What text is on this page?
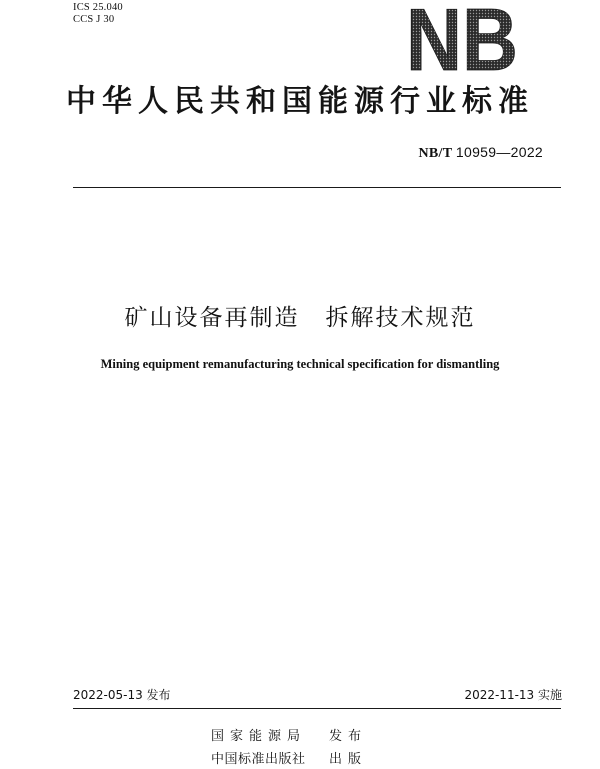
ICS 25.040
CCS J 30	NB
中华人民共和国能源行业标准
NB/T 10959—2022
矿山设备再制造 拆解技术规范
Mining equipment remanufacturing technical specification for dismantling
2022-05-13 发布	2022-11-13 实施
国家能源局 发布
中国标准出版社 出版
